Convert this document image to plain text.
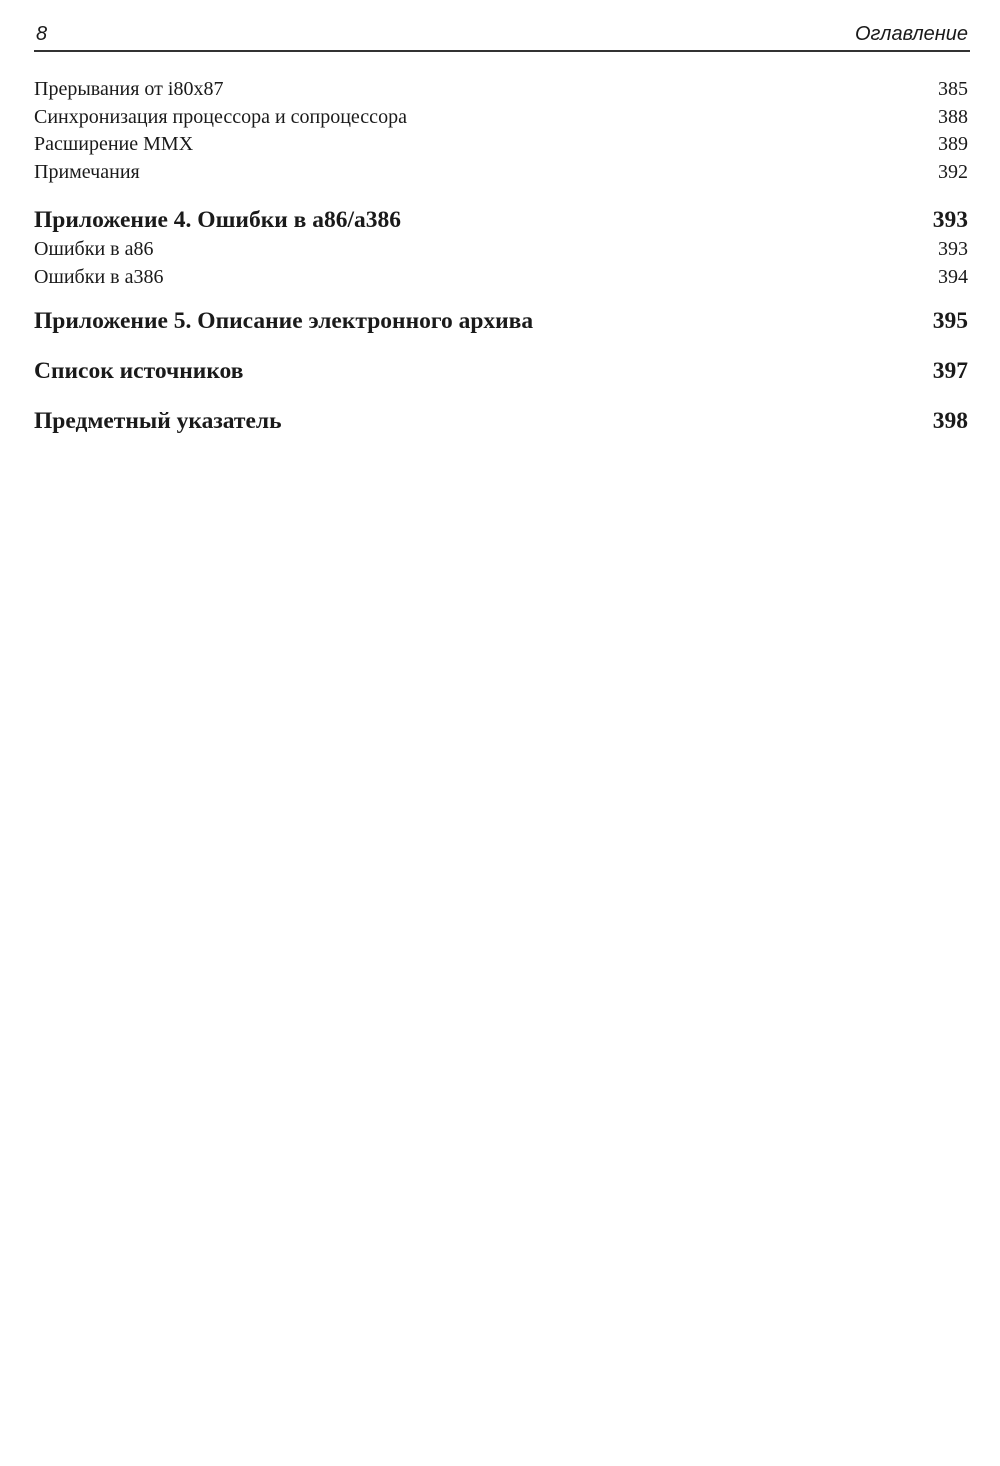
8	Оглавление
Прерывания от i80x87	385
Синхронизация процессора и сопроцессора	388
Расширение MMX	389
Примечания	392
Приложение 4. Ошибки в a86/a386	393
Ошибки в a86	393
Ошибки в a386	394
Приложение 5. Описание электронного архива	395
Список источников	397
Предметный указатель	398
